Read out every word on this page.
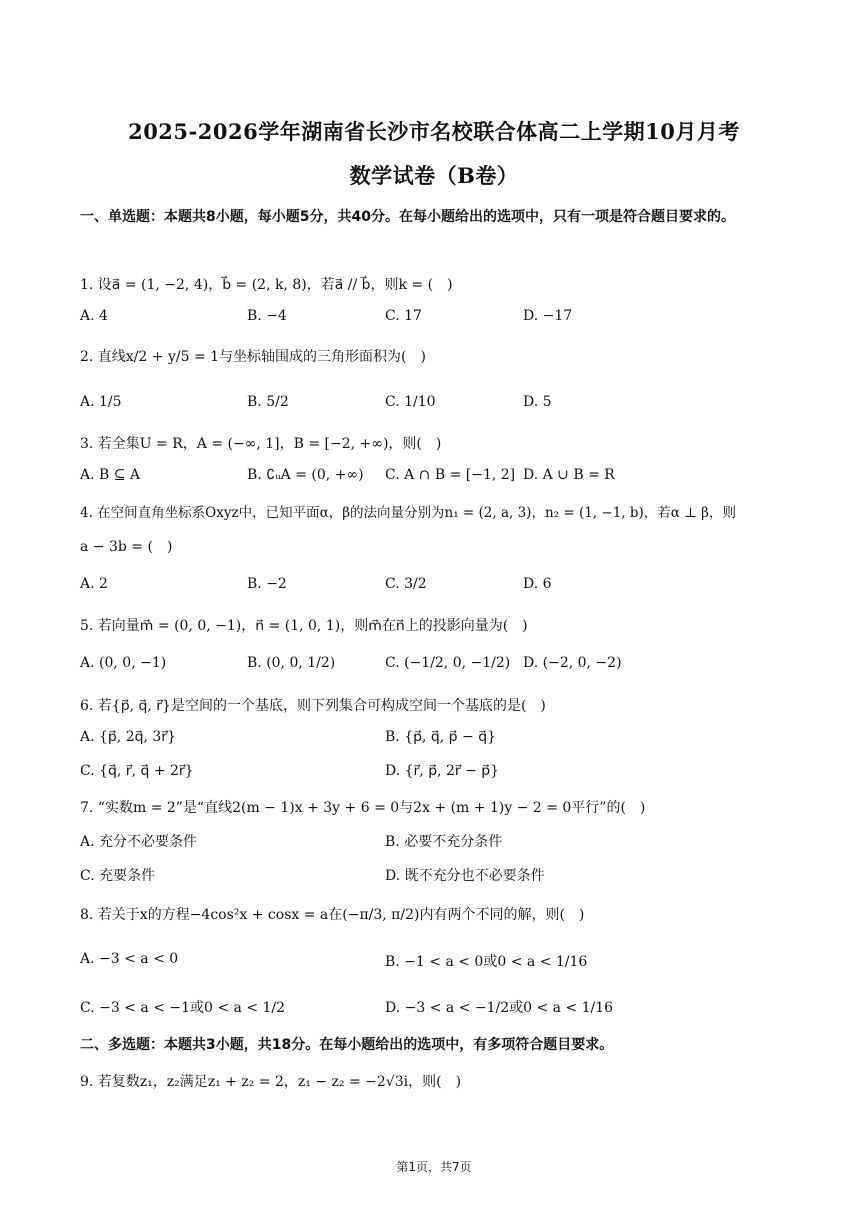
2025-2026学年湖南省长沙市名校联合体高二上学期10月月考
数学试卷（B卷）
一、单选题：本题共8小题，每小题5分，共40分。在每小题给出的选项中，只有一项是符合题目要求的。
1. 设a⃗ = (1, −2, 4)，b⃗ = (2, k, 8)，若a⃗ // b⃗，则k = (　)
A. 4	B. −4	C. 17	D. −17
2. 直线x/2 + y/5 = 1与坐标轴围成的三角形面积为(　)
A. 1/5	B. 5/2	C. 1/10	D. 5
3. 若全集U = R，A = (−∞, 1]，B = [−2, +∞)，则(　)
A. B ⊆ A	B. ∁ᵤA = (0, +∞) C. A ∩ B = [−1, 2] D. A ∪ B = R
4. 在空间直角坐标系Oxyz中，已知平面α，β的法向量分别为n₁ = (2, a, 3)，n₂ = (1, −1, b)，若α ⊥ β，则
a − 3b = (　)
A. 2	B. −2	C. 3/2	D. 6
5. 若向量m⃗ = (0, 0, −1)，n⃗ = (1, 0, 1)，则m⃗在n⃗上的投影向量为(　)
A. (0, 0, −1)	B. (0, 0, 1/2)	C. (−1/2, 0, −1/2) D. (−2, 0, −2)
6. 若{p⃗, q⃗, r⃗}是空间的一个基底，则下列集合可构成空间一个基底的是(　)
A. {p⃗, 2q⃗, 3r⃗}	B. {p⃗, q⃗, p⃗ − q⃗}
C. {q⃗, r⃗, q⃗ + 2r⃗}	D. {r⃗, p⃗, 2r⃗ − p⃗}
7. “实数m = 2”是“直线2(m − 1)x + 3y + 6 = 0与2x + (m + 1)y − 2 = 0平行”的(　)
A. 充分不必要条件	B. 必要不充分条件
C. 充要条件	D. 既不充分也不必要条件
8. 若关于x的方程−4cos²x + cosx = a在(−π/3, π/2)内有两个不同的解，则(　)
A. −3 < a < 0	B. −1 < a < 0或0 < a < 1/16
C. −3 < a < −1或0 < a < 1/2	D. −3 < a < −1/2或0 < a < 1/16
二、多选题：本题共3小题，共18分。在每小题给出的选项中，有多项符合题目要求。
9. 若复数z₁，z₂满足z₁ + z₂ = 2，z₁ − z₂ = −2√3i，则(　)
第1页，共7页
